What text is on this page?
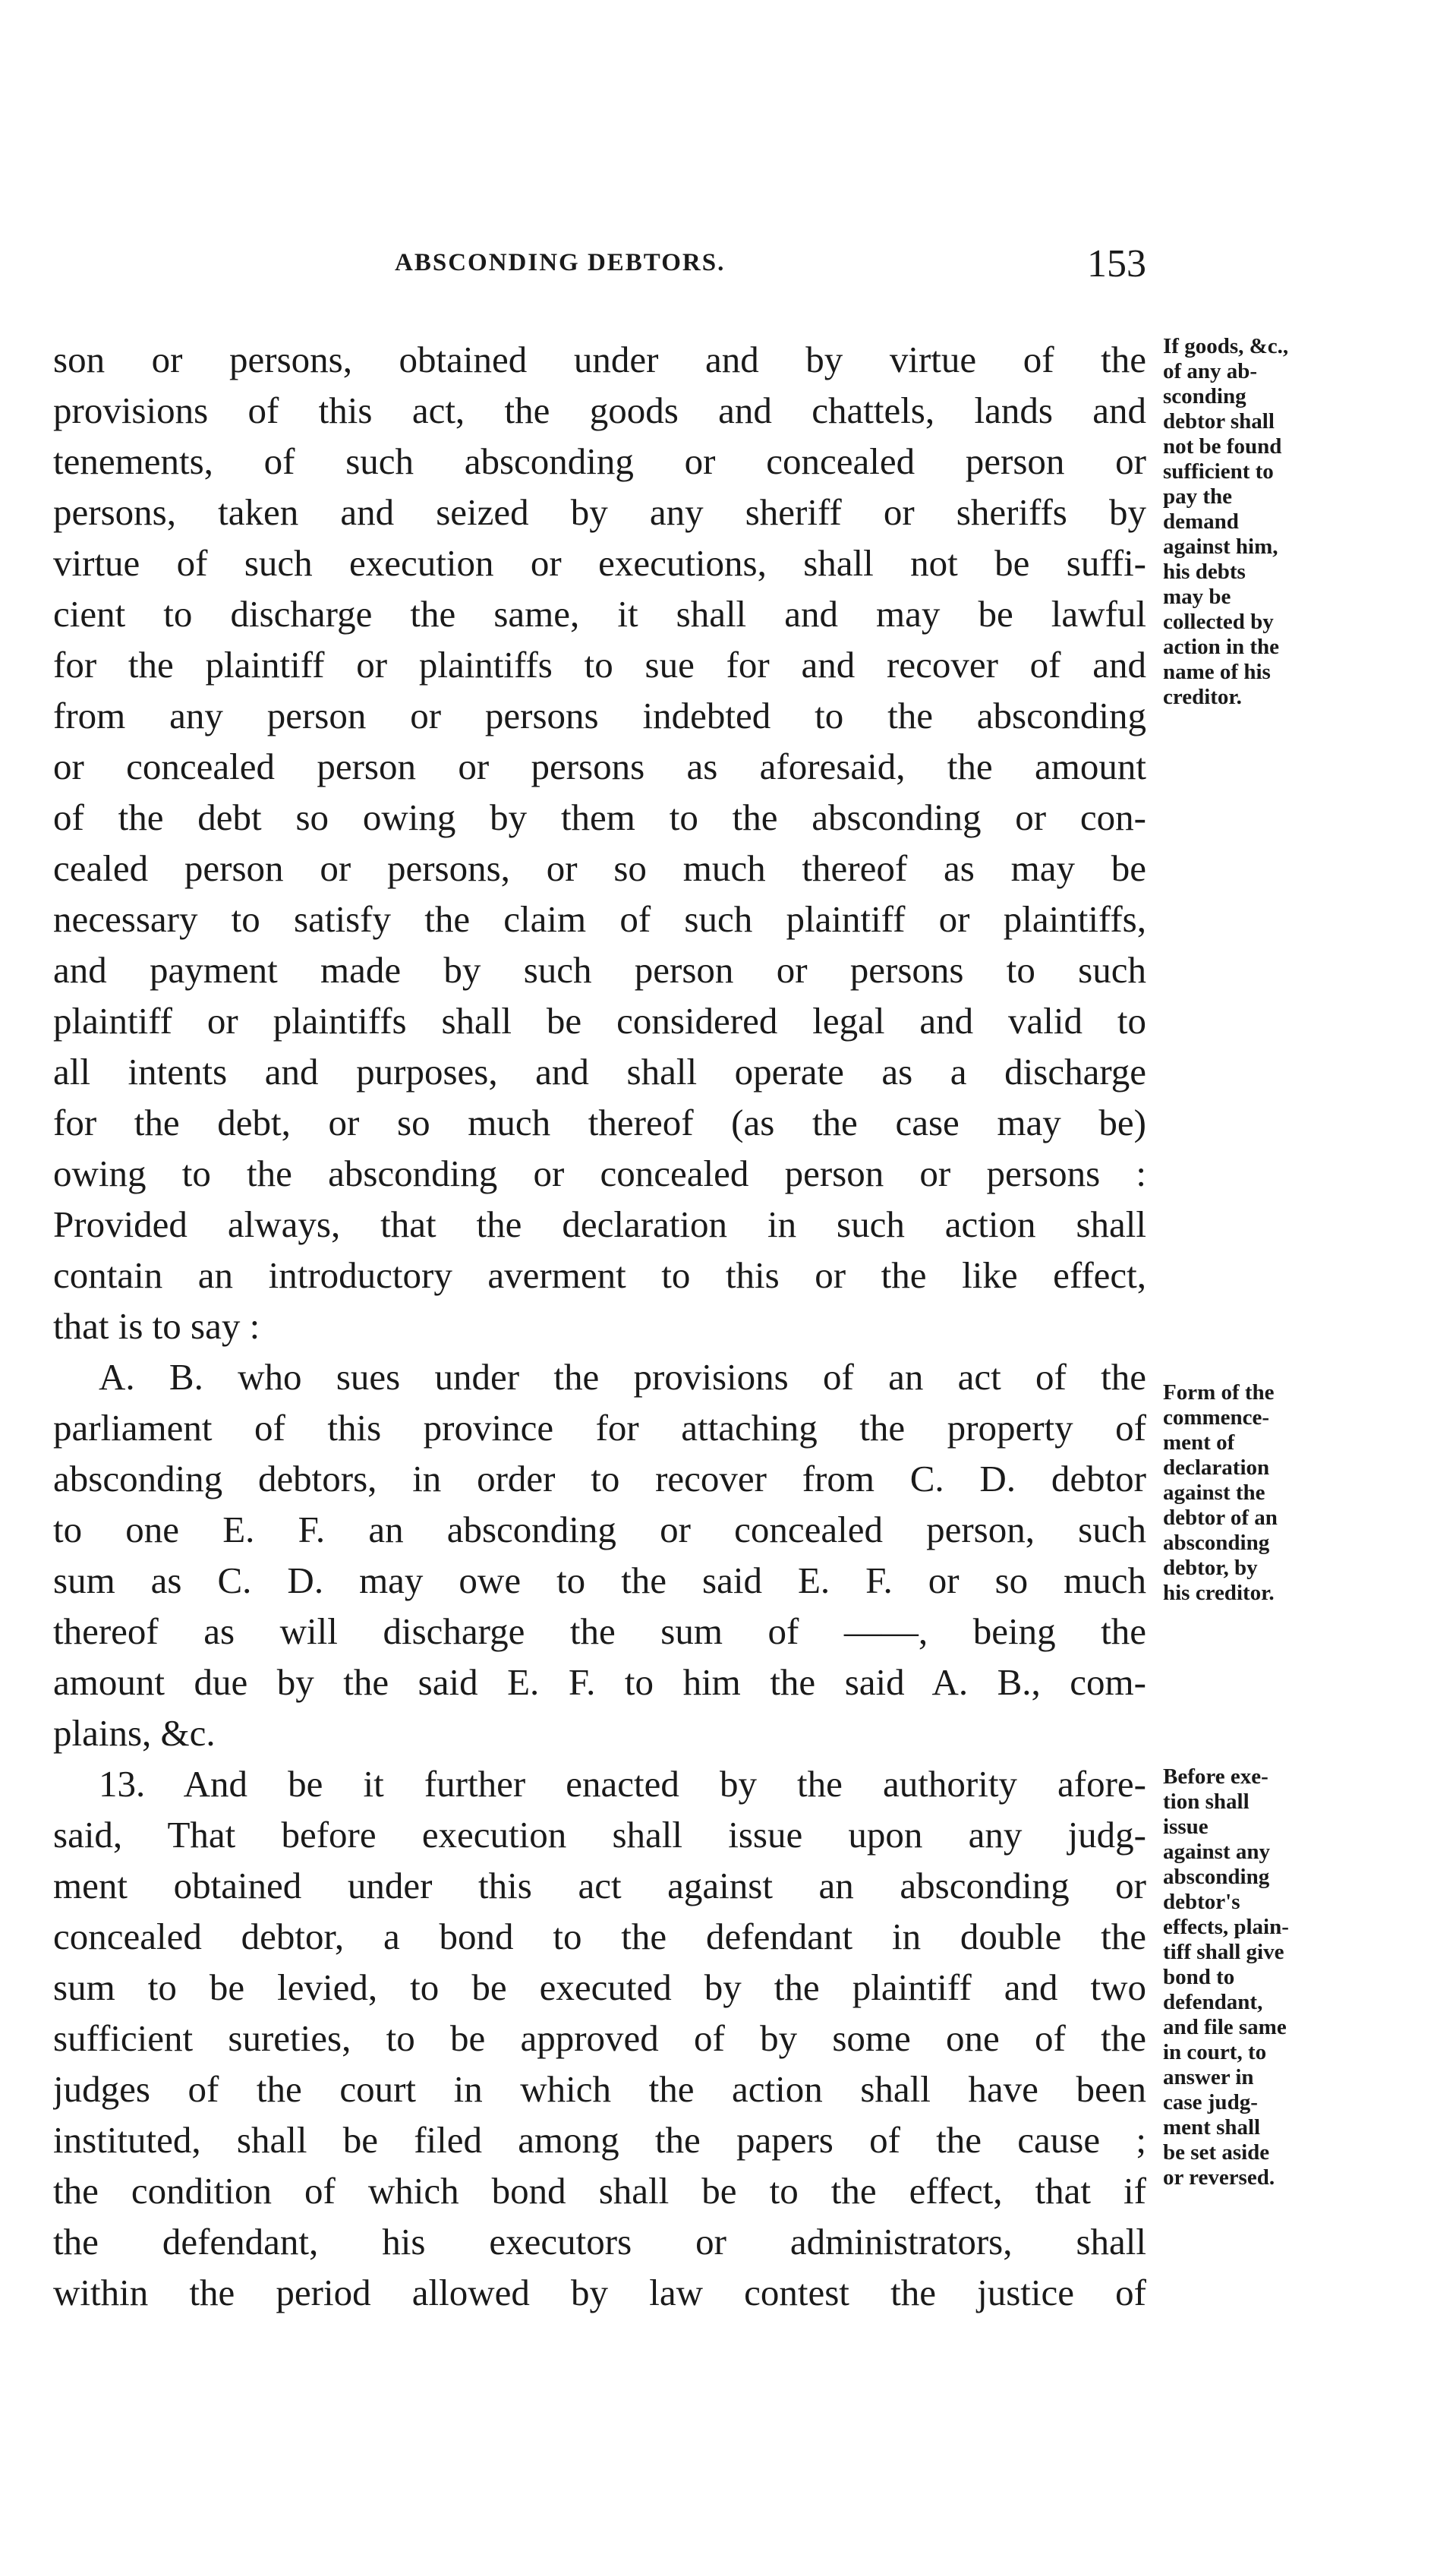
ABSCONDING DEBTORS.	153
son or persons, obtained under and by virtue of the
provisions of this act, the goods and chattels, lands and
tenements, of such absconding or concealed person or
persons, taken and seized by any sheriff or sheriffs by
virtue of such execution or executions, shall not be suffi-
cient to discharge the same, it shall and may be lawful
for the plaintiff or plaintiffs to sue for and recover of and
from any person or persons indebted to the absconding
or concealed person or persons as aforesaid, the amount
of the debt so owing by them to the absconding or con-
cealed person or persons, or so much thereof as may be
necessary to satisfy the claim of such plaintiff or plaintiffs,
and payment made by such person or persons to such
plaintiff or plaintiffs shall be considered legal and valid to
all intents and purposes, and shall operate as a discharge
for the debt, or so much thereof (as the case may be)
owing to the absconding or concealed person or persons :
Provided always, that the declaration in such action shall
contain an introductory averment to this or the like effect,
that is to say :
If goods, &c.,
of any ab-
sconding
debtor shall
not be found
sufficient to
pay the
demand
against him,
his debts
may be
collected by
action in the
name of his
creditor.
A. B. who sues under the provisions of an act of the
parliament of this province for attaching the property of
absconding debtors, in order to recover from C. D. debtor
to one E. F. an absconding or concealed person, such
sum as C. D. may owe to the said E. F. or so much
thereof as will discharge the sum of ——, being the
amount due by the said E. F. to him the said A. B., com-
plains, &c.
Form of the
commence-
ment of
declaration
against the
debtor of an
absconding
debtor, by
his creditor.
13. And be it further enacted by the authority afore-
said, That before execution shall issue upon any judg-
ment obtained under this act against an absconding or
concealed debtor, a bond to the defendant in double the
sum to be levied, to be executed by the plaintiff and two
sufficient sureties, to be approved of by some one of the
judges of the court in which the action shall have been
instituted, shall be filed among the papers of the cause ;
the condition of which bond shall be to the effect, that if
the defendant, his executors or administrators, shall
within the period allowed by law contest the justice of
Before exe-
tion shall
issue
against any
absconding
debtor's
effects, plain-
tiff shall give
bond to
defendant,
and file same
in court, to
answer in
case judg-
ment shall
be set aside
or reversed.
